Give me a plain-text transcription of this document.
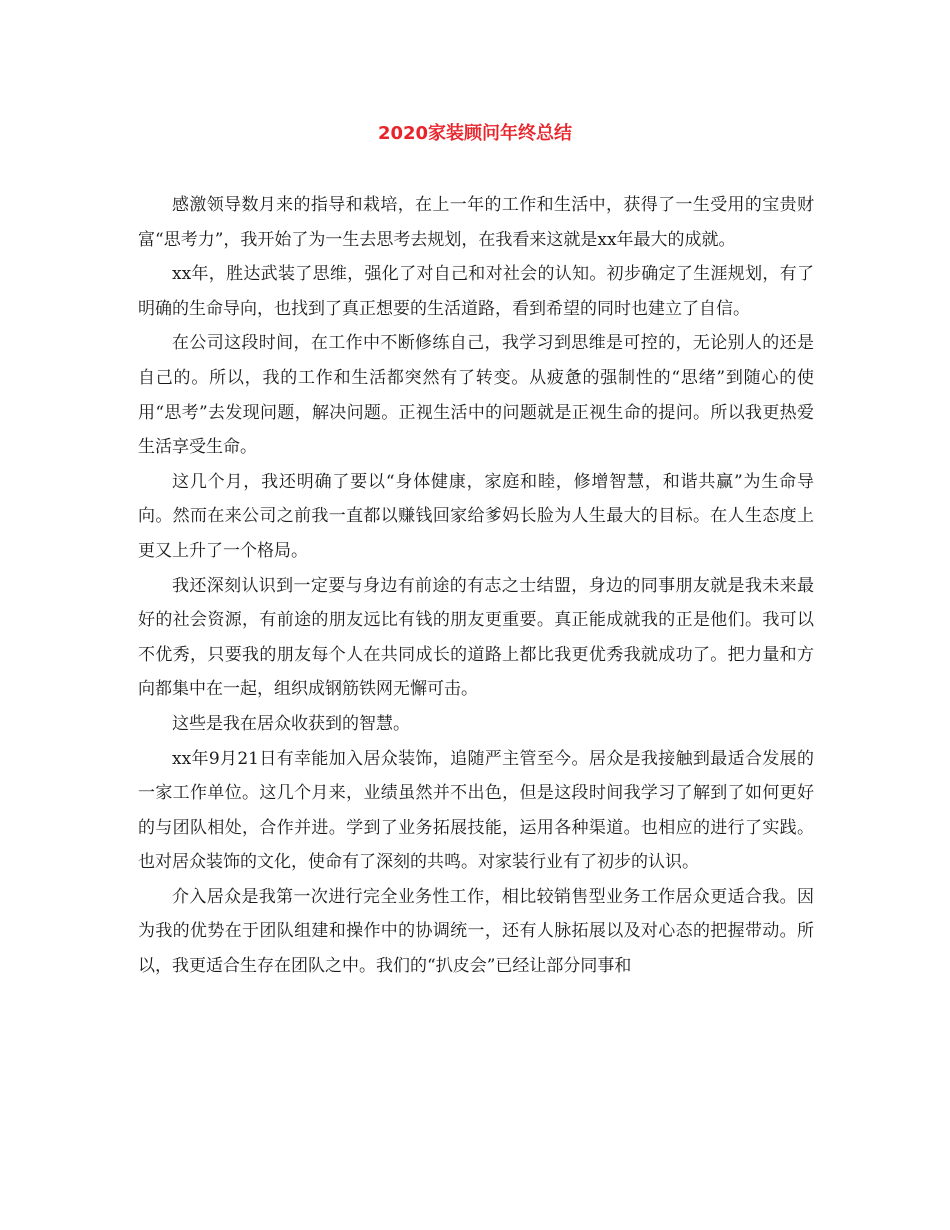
2020家装顾问年终总结

感激领导数月来的指导和栽培，在上一年的工作和生活中，获得了一生受用的宝贵财富“思考力”，我开始了为一生去思考去规划，在我看来这就是xx年最大的成就。

xx年，胜达武装了思维，强化了对自己和对社会的认知。初步确定了生涯规划，有了明确的生命导向，也找到了真正想要的生活道路，看到希望的同时也建立了自信。

在公司这段时间，在工作中不断修练自己，我学习到思维是可控的，无论别人的还是自己的。所以，我的工作和生活都突然有了转变。从疲惫的强制性的“思绪”到随心的使用“思考”去发现问题，解决问题。正视生活中的问题就是正视生命的提问。所以我更热爱生活享受生命。

这几个月，我还明确了要以“身体健康，家庭和睦，修增智慧，和谐共赢”为生命导向。然而在来公司之前我一直都以赚钱回家给爹妈长脸为人生最大的目标。在人生态度上更又上升了一个格局。

我还深刻认识到一定要与身边有前途的有志之士结盟，身边的同事朋友就是我未来最好的社会资源，有前途的朋友远比有钱的朋友更重要。真正能成就我的正是他们。我可以不优秀，只要我的朋友每个人在共同成长的道路上都比我更优秀我就成功了。把力量和方向都集中在一起，组织成钢筋铁网无懈可击。

这些是我在居众收获到的智慧。

xx年9月21日有幸能加入居众装饰，追随严主管至今。居众是我接触到最适合发展的一家工作单位。这几个月来，业绩虽然并不出色，但是这段时间我学习了解到了如何更好的与团队相处，合作并进。学到了业务拓展技能，运用各种渠道。也相应的进行了实践。也对居众装饰的文化，使命有了深刻的共鸣。对家装行业有了初步的认识。

介入居众是我第一次进行完全业务性工作，相比较销售型业务工作居众更适合我。因为我的优势在于团队组建和操作中的协调统一，还有人脉拓展以及对心态的把握带动。所以，我更适合生存在团队之中。我们的“扒皮会”已经让部分同事和
